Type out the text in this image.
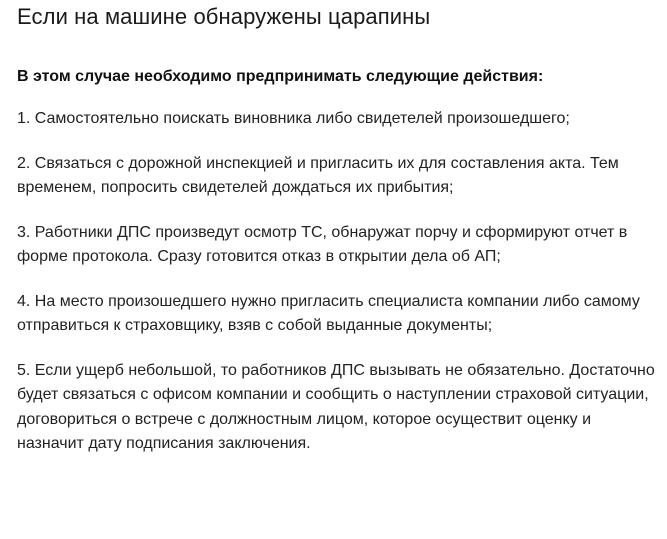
Если на машине обнаружены царапины

В этом случае необходимо предпринимать следующие действия:

1. Самостоятельно поискать виновника либо свидетелей произошедшего;

2. Связаться с дорожной инспекцией и пригласить их для составления акта. Тем временем, попросить свидетелей дождаться их прибытия;

3. Работники ДПС произведут осмотр ТС, обнаружат порчу и сформируют отчет в форме протокола. Сразу готовится отказ в открытии дела об АП;

4. На место произошедшего нужно пригласить специалиста компании либо самому отправиться к страховщику, взяв с собой выданные документы;

5. Если ущерб небольшой, то работников ДПС вызывать не обязательно. Достаточно будет связаться с офисом компании и сообщить о наступлении страховой ситуации, договориться о встрече с должностным лицом, которое осуществит оценку и назначит дату подписания заключения.
